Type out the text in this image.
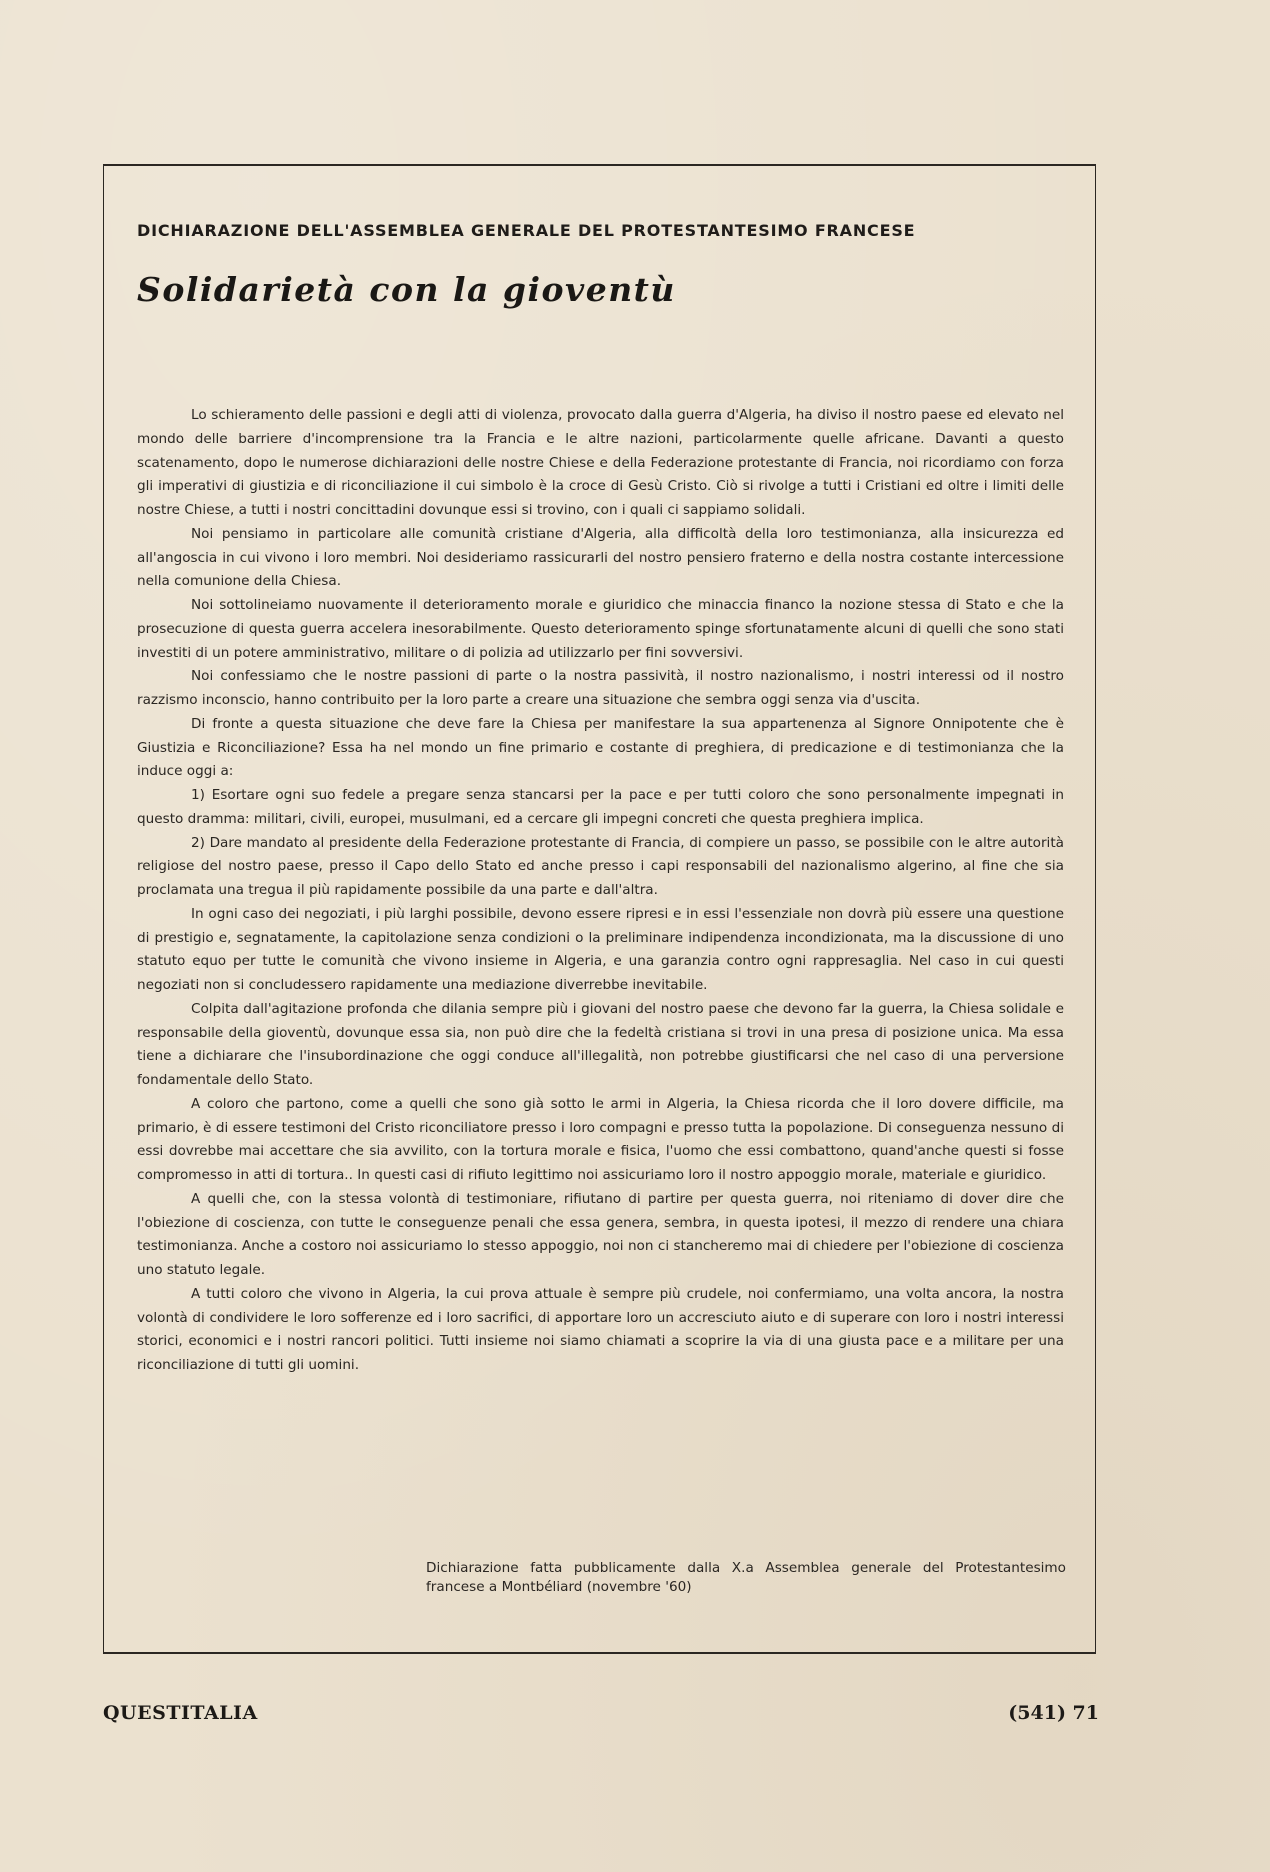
DICHIARAZIONE DELL'ASSEMBLEA GENERALE DEL PROTESTANTESIMO FRANCESE
Solidarietà con la gioventù

Lo schieramento delle passioni e degli atti di violenza, provocato dalla guerra d'Algeria, ha diviso il nostro paese ed elevato nel mondo delle barriere d'incomprensione tra la Francia e le altre nazioni, particolarmente quelle africane. Davanti a questo scatenamento, dopo le numerose dichiarazioni delle nostre Chiese e della Federazione protestante di Francia, noi ricordiamo con forza gli imperativi di giustizia e di riconciliazione il cui simbolo è la croce di Gesù Cristo. Ciò si rivolge a tutti i Cristiani ed oltre i limiti delle nostre Chiese, a tutti i nostri concittadini dovunque essi si trovino, con i quali ci sappiamo solidali.

Noi pensiamo in particolare alle comunità cristiane d'Algeria, alla difficoltà della loro testimonianza, alla insicurezza ed all'angoscia in cui vivono i loro membri. Noi desideriamo rassicurarli del nostro pensiero fraterno e della nostra costante intercessione nella comunione della Chiesa.

Noi sottolineiamo nuovamente il deterioramento morale e giuridico che minaccia financo la nozione stessa di Stato e che la prosecuzione di questa guerra accelera inesorabilmente. Questo deterioramento spinge sfortunatamente alcuni di quelli che sono stati investiti di un potere amministrativo, militare o di polizia ad utilizzarlo per fini sovversivi.

Noi confessiamo che le nostre passioni di parte o la nostra passività, il nostro nazionalismo, i nostri interessi od il nostro razzismo inconscio, hanno contribuito per la loro parte a creare una situazione che sembra oggi senza via d'uscita.

Di fronte a questa situazione che deve fare la Chiesa per manifestare la sua appartenenza al Signore Onnipotente che è Giustizia e Riconciliazione? Essa ha nel mondo un fine primario e costante di preghiera, di predicazione e di testimonianza che la induce oggi a:

1) Esortare ogni suo fedele a pregare senza stancarsi per la pace e per tutti coloro che sono personalmente impegnati in questo dramma: militari, civili, europei, musulmani, ed a cercare gli impegni concreti che questa preghiera implica.

2) Dare mandato al presidente della Federazione protestante di Francia, di compiere un passo, se possibile con le altre autorità religiose del nostro paese, presso il Capo dello Stato ed anche presso i capi responsabili del nazionalismo algerino, al fine che sia proclamata una tregua il più rapidamente possibile da una parte e dall'altra.

In ogni caso dei negoziati, i più larghi possibile, devono essere ripresi e in essi l'essenziale non dovrà più essere una questione di prestigio e, segnatamente, la capitolazione senza condizioni o la preliminare indipendenza incondizionata, ma la discussione di uno statuto equo per tutte le comunità che vivono insieme in Algeria, e una garanzia contro ogni rappresaglia. Nel caso in cui questi negoziati non si concludessero rapidamente una mediazione diverrebbe inevitabile.

Colpita dall'agitazione profonda che dilania sempre più i giovani del nostro paese che devono far la guerra, la Chiesa solidale e responsabile della gioventù, dovunque essa sia, non può dire che la fedeltà cristiana si trovi in una presa di posizione unica. Ma essa tiene a dichiarare che l'insubordinazione che oggi conduce all'illegalità, non potrebbe giustificarsi che nel caso di una perversione fondamentale dello Stato.

A coloro che partono, come a quelli che sono già sotto le armi in Algeria, la Chiesa ricorda che il loro dovere difficile, ma primario, è di essere testimoni del Cristo riconciliatore presso i loro compagni e presso tutta la popolazione. Di conseguenza nessuno di essi dovrebbe mai accettare che sia avvilito, con la tortura morale e fisica, l'uomo che essi combattono, quand'anche questi si fosse compromesso in atti di tortura.. In questi casi di rifiuto legittimo noi assicuriamo loro il nostro appoggio morale, materiale e giuridico.

A quelli che, con la stessa volontà di testimoniare, rifiutano di partire per questa guerra, noi riteniamo di dover dire che l'obiezione di coscienza, con tutte le conseguenze penali che essa genera, sembra, in questa ipotesi, il mezzo di rendere una chiara testimonianza. Anche a costoro noi assicuriamo lo stesso appoggio, noi non ci stancheremo mai di chiedere per l'obiezione di coscienza uno statuto legale.

A tutti coloro che vivono in Algeria, la cui prova attuale è sempre più crudele, noi confermiamo, una volta ancora, la nostra volontà di condividere le loro sofferenze ed i loro sacrifici, di apportare loro un accresciuto aiuto e di superare con loro i nostri interessi storici, economici e i nostri rancori politici. Tutti insieme noi siamo chiamati a scoprire la via di una giusta pace e a militare per una riconciliazione di tutti gli uomini.

Dichiarazione fatta pubblicamente dalla X.a Assemblea generale del Protestantesimo francese a Montbéliard (novembre '60)

QUESTITALIA	(541) 71
